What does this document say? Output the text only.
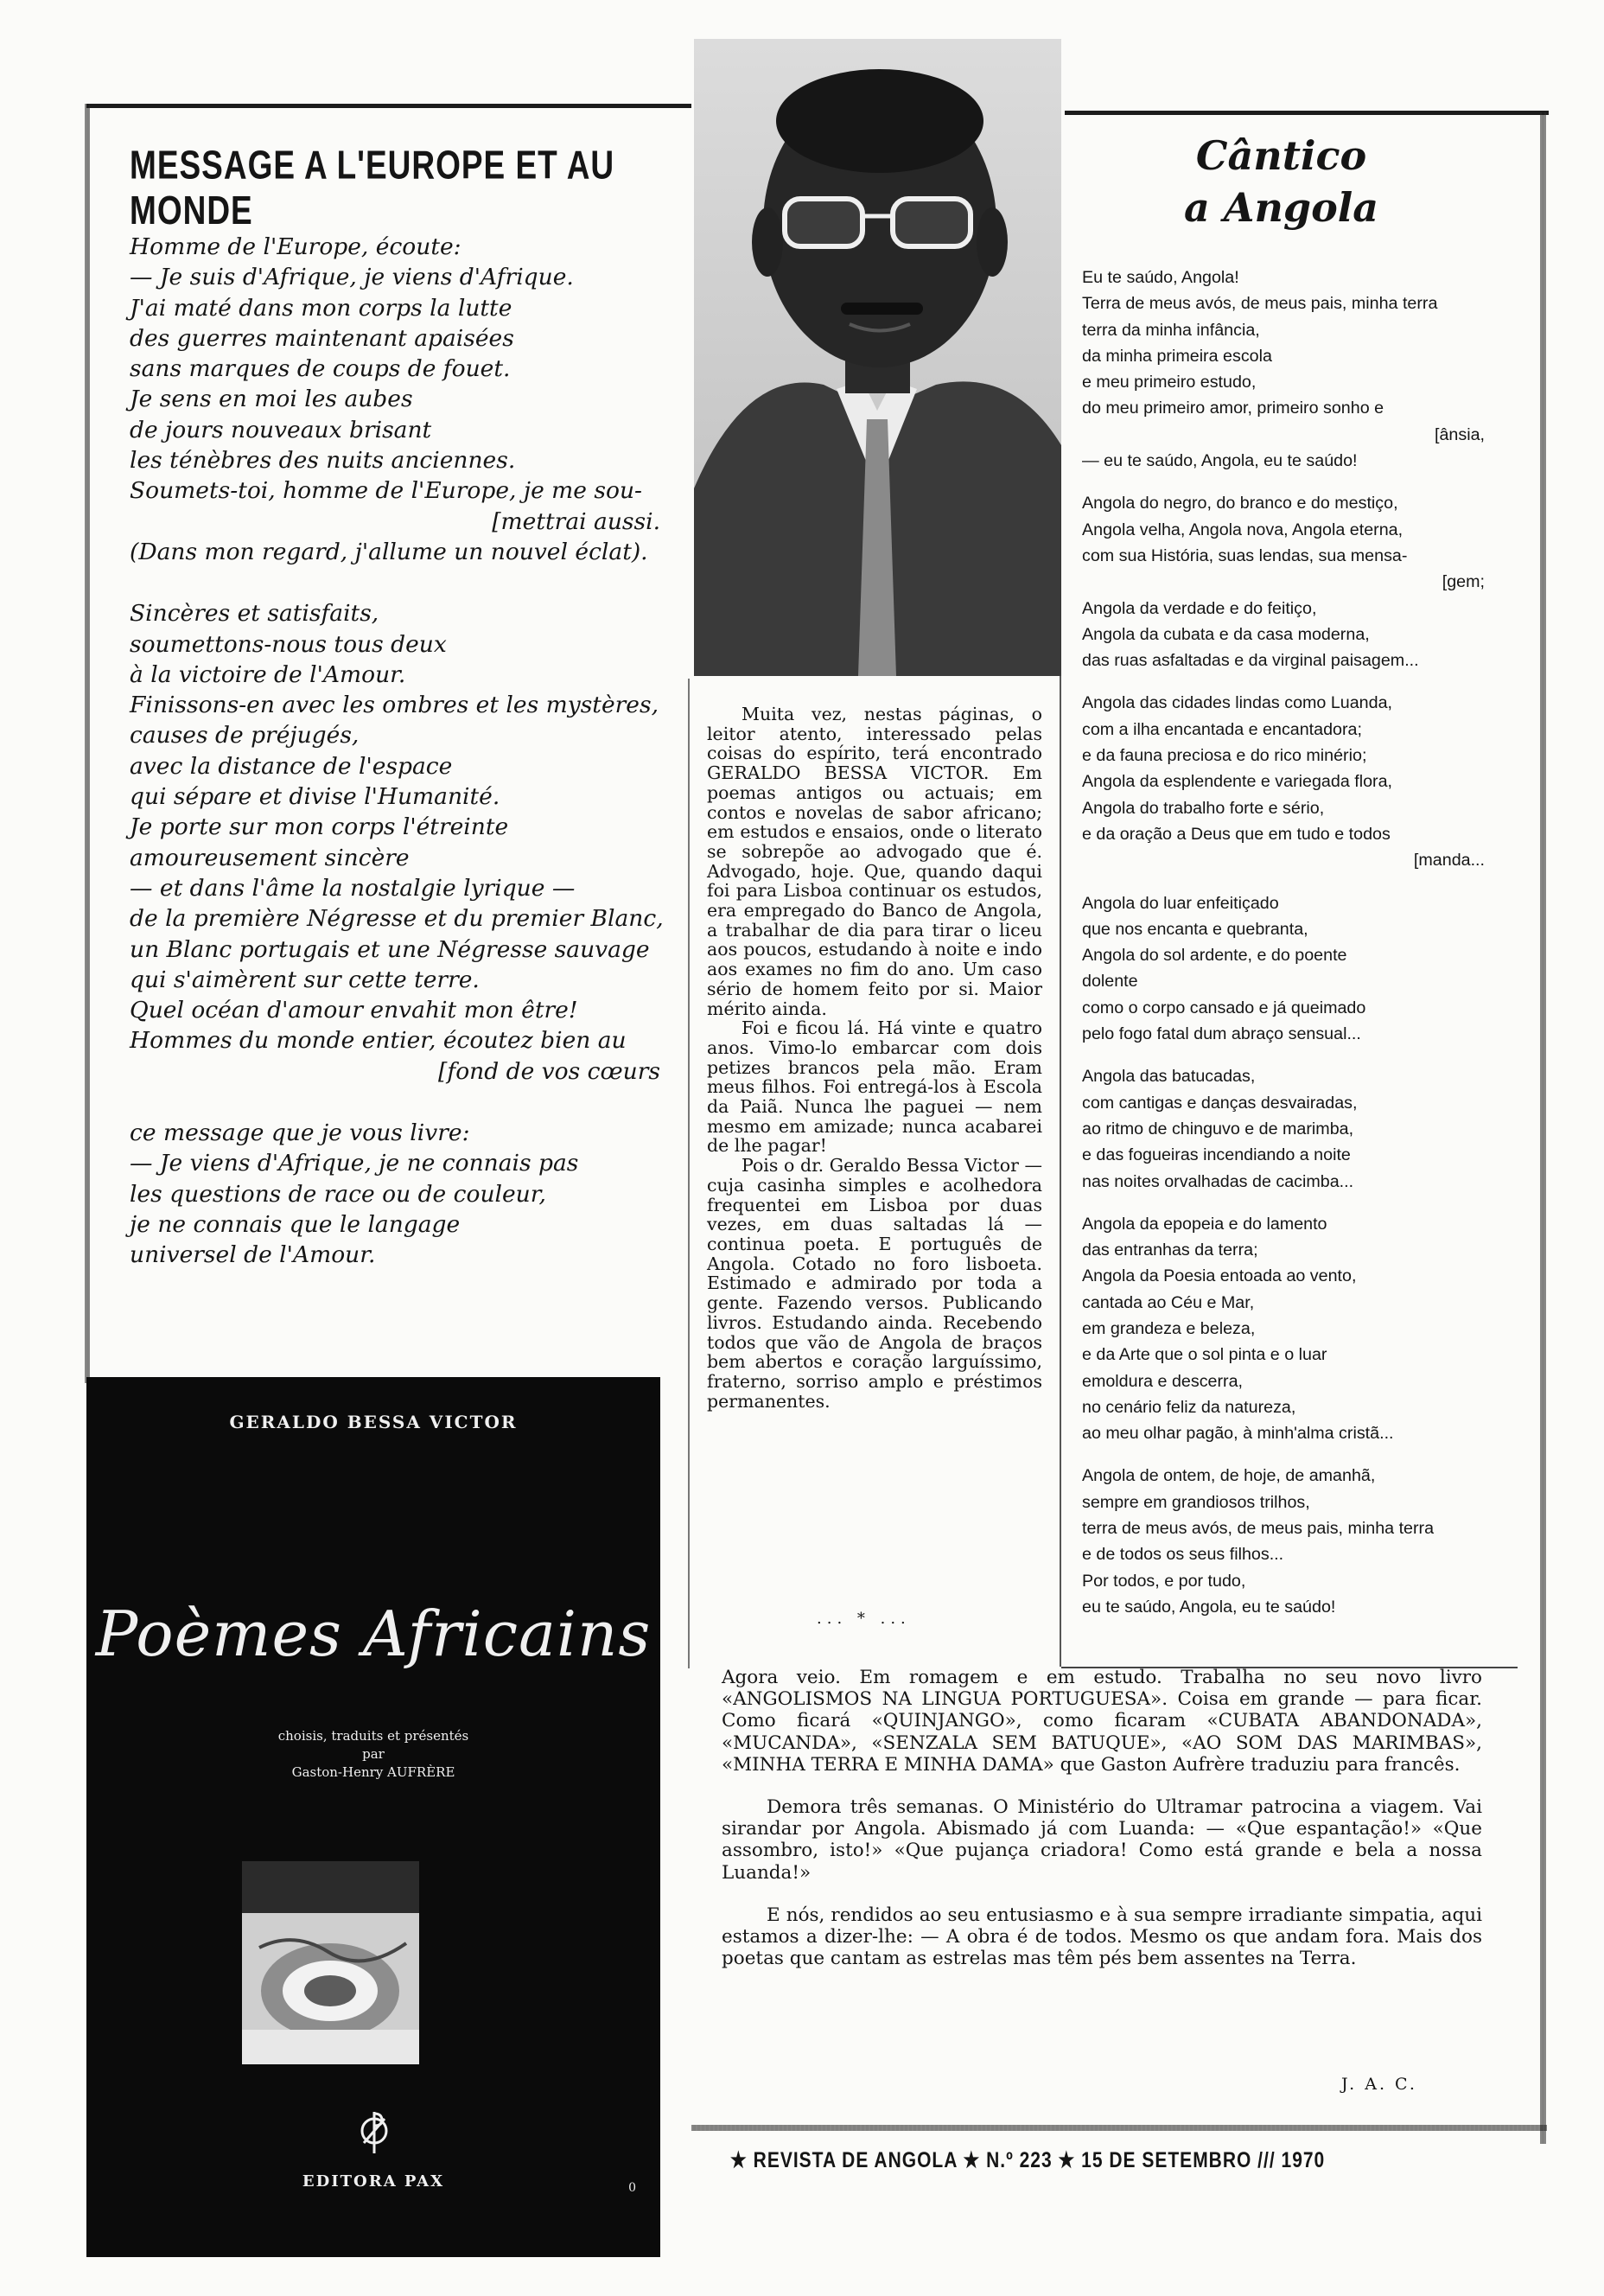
MESSAGE A L'EUROPE ET AU MONDE
Homme de l'Europe, écoute:
— Je suis d'Afrique, je viens d'Afrique.
J'ai maté dans mon corps la lutte
des guerres maintenant apaisées
sans marques de coups de fouet.
Je sens en moi les aubes
de jours nouveaux brisant
les ténèbres des nuits anciennes.
Soumets-toi, homme de l'Europe, je me sou-
[mettrai aussi.
(Dans mon regard, j'allume un nouvel éclat).
Sincères et satisfaits,
soumettons-nous tous deux
à la victoire de l'Amour.
Finissons-en avec les ombres et les mystères,
causes de préjugés,
avec la distance de l'espace
qui sépare et divise l'Humanité.
Je porte sur mon corps l'étreinte
amoureusement sincère
— et dans l'âme la nostalgie lyrique —
de la première Négresse et du premier Blanc,
un Blanc portugais et une Négresse sauvage
qui s'aimèrent sur cette terre.
Quel océan d'amour envahit mon être!
Hommes du monde entier, écoutez bien au
[fond de vos cœurs
ce message que je vous livre:
— Je viens d'Afrique, je ne connais pas
les questions de race ou de couleur,
je ne connais que le langage
universel de l'Amour.
GERALDO BESSA VICTOR
Poèmes Africains
choisis, traduits et présentés
par
Gaston-Henry AUFRÈRE
EDITORA PAX	0

Muita vez, nestas páginas, o leitor atento, interessado pelas coisas do espírito, terá encontrado GERALDO BESSA VICTOR. Em poemas antigos ou actuais; em contos e novelas de sabor africano; em estudos e ensaios, onde o literato se sobrepõe ao advogado que é. Advogado, hoje. Que, quando daqui foi para Lisboa continuar os estudos, era empregado do Banco de Angola, a trabalhar de dia para tirar o liceu aos poucos, estudando à noite e indo aos exames no fim do ano. Um caso sério de homem feito por si. Maior mérito ainda.

Foi e ficou lá. Há vinte e quatro anos. Vimo-lo embarcar com dois petizes brancos pela mão. Eram meus filhos. Foi entregá-los à Escola da Paiã. Nunca lhe paguei — nem mesmo em amizade; nunca acabarei de lhe pagar!

Pois o dr. Geraldo Bessa Victor — cuja casinha simples e acolhedora frequentei em Lisboa por duas vezes, em duas saltadas lá — continua poeta. E português de Angola. Cotado no foro lisboeta. Estimado e admirado por toda a gente. Fazendo versos. Publicando livros. Estudando ainda. Recebendo todos que vão de Angola de braços bem abertos e coração larguíssimo, fraterno, sorriso amplo e préstimos permanentes.

... * ...
Cântico
a Angola
Eu te saúdo, Angola!
Terra de meus avós, de meus pais, minha terra
terra da minha infância,
da minha primeira escola
e meu primeiro estudo,
do meu primeiro amor, primeiro sonho e
[ânsia,
— eu te saúdo, Angola, eu te saúdo!
Angola do negro, do branco e do mestiço,
Angola velha, Angola nova, Angola eterna,
com sua História, suas lendas, sua mensa-
[gem;
Angola da verdade e do feitiço,
Angola da cubata e da casa moderna,
das ruas asfaltadas e da virginal paisagem...
Angola das cidades lindas como Luanda,
com a ilha encantada e encantadora;
e da fauna preciosa e do rico minério;
Angola da esplendente e variegada flora,
Angola do trabalho forte e sério,
e da oração a Deus que em tudo e todos
[manda...
Angola do luar enfeitiçado
que nos encanta e quebranta,
Angola do sol ardente, e do poente
dolente
como o corpo cansado e já queimado
pelo fogo fatal dum abraço sensual...
Angola das batucadas,
com cantigas e danças desvairadas,
ao ritmo de chinguvo e de marimba,
e das fogueiras incendiando a noite
nas noites orvalhadas de cacimba...
Angola da epopeia e do lamento
das entranhas da terra;
Angola da Poesia entoada ao vento,
cantada ao Céu e Mar,
em grandeza e beleza,
e da Arte que o sol pinta e o luar
emoldura e descerra,
no cenário feliz da natureza,
ao meu olhar pagão, à minh'alma cristã...
Angola de ontem, de hoje, de amanhã,
sempre em grandiosos trilhos,
terra de meus avós, de meus pais, minha terra
e de todos os seus filhos...
Por todos, e por tudo,
eu te saúdo, Angola, eu te saúdo!

Agora veio. Em romagem e em estudo. Trabalha no seu novo livro «ANGOLISMOS NA LINGUA PORTUGUESA». Coisa em grande — para ficar. Como ficará «QUINJANGO», como ficaram «CUBATA ABANDONADA», «MUCANDA», «SENZALA SEM BATUQUE», «AO SOM DAS MARIMBAS», «MINHA TERRA E MINHA DAMA» que Gaston Aufrère traduziu para francês.

Demora três semanas. O Ministério do Ultramar patrocina a viagem. Vai sirandar por Angola. Abismado já com Luanda: — «Que espantação!» «Que assombro, isto!» «Que pujança criadora! Como está grande e bela a nossa Luanda!»

E nós, rendidos ao seu entusiasmo e à sua sempre irradiante simpatia, aqui estamos a dizer-lhe: — A obra é de todos. Mesmo os que andam fora. Mais dos poetas que cantam as estrelas mas têm pés bem assentes na Terra.

J. A. C.
★ REVISTA DE ANGOLA ★ N.º 223 ★ 15 DE SETEMBRO /// 1970
